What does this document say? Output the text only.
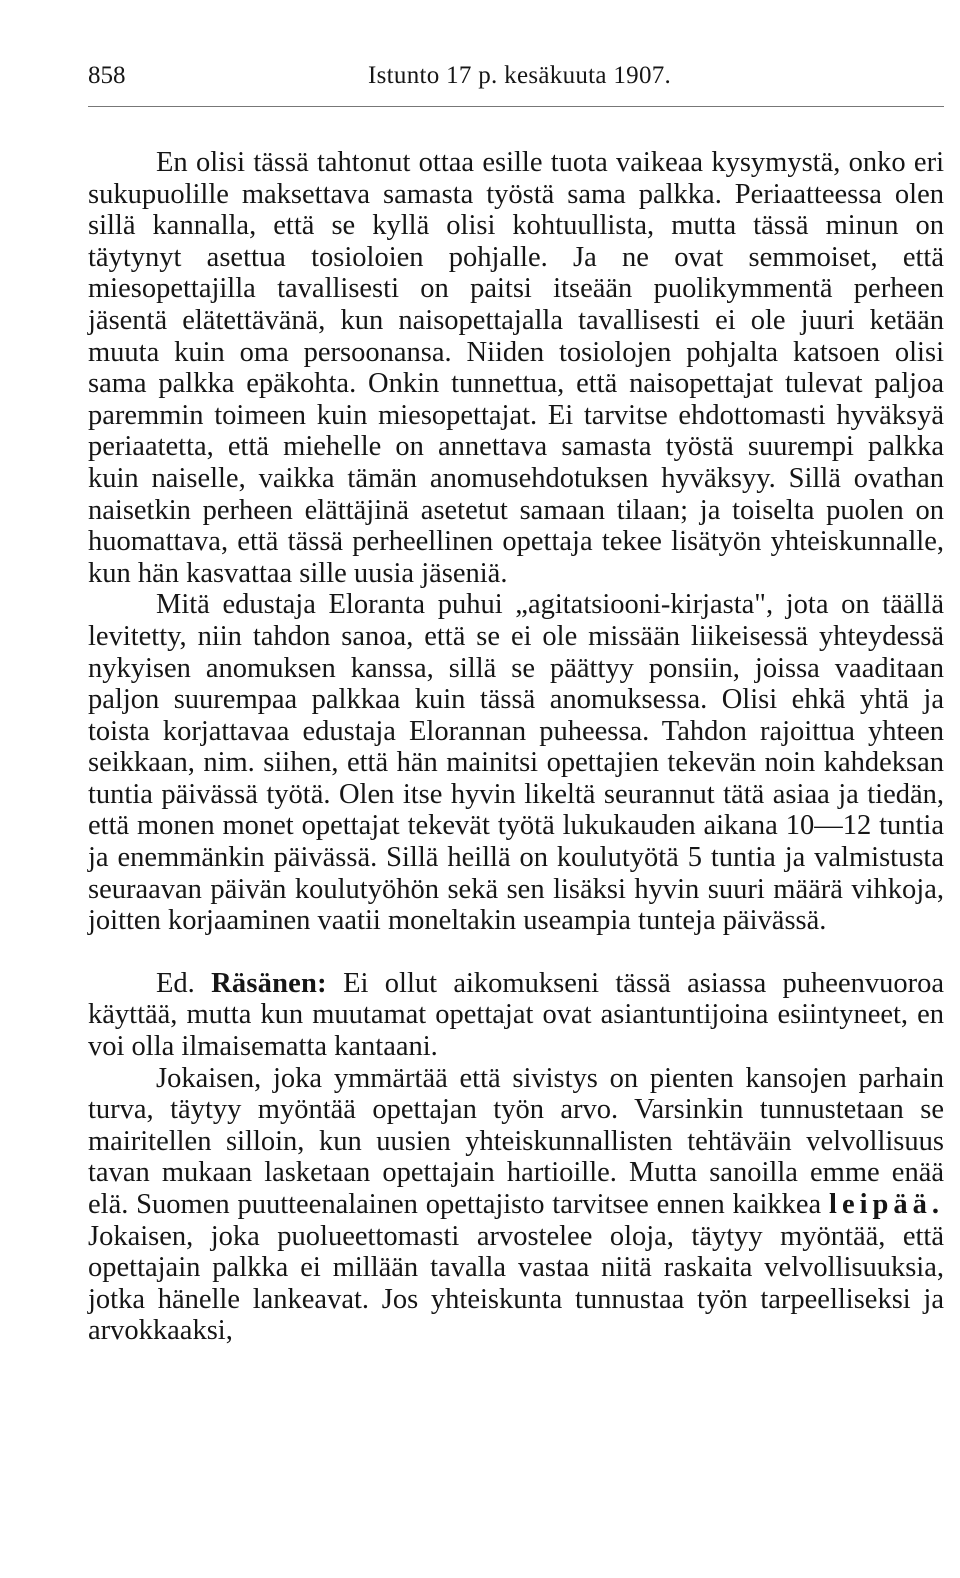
858	Istunto 17 p. kesäkuuta 1907.

En olisi tässä tahtonut ottaa esille tuota vaikeaa kysymystä, onko eri sukupuolille maksettava samasta työstä sama palkka. Periaatteessa olen sillä kannalla, että se kyllä olisi kohtuullista, mutta tässä minun on täytynyt asettua tosioloien pohjalle. Ja ne ovat semmoiset, että miesopettajilla tavallisesti on paitsi itseään puolikymmentä perheen jäsentä elätettävänä, kun naisopettajalla tavallisesti ei ole juuri ketään muuta kuin oma persoonansa. Niiden tosiolojen pohjalta katsoen olisi sama palkka epäkohta. Onkin tunnettua, että naisopettajat tulevat paljoa paremmin toimeen kuin miesopettajat. Ei tarvitse ehdottomasti hyväksyä periaatetta, että miehelle on annettava samasta työstä suurempi palkka kuin naiselle, vaikka tämän anomusehdotuksen hyväksyy. Sillä ovathan naisetkin perheen elättäjinä asetetut samaan tilaan; ja toiselta puolen on huomattava, että tässä perheellinen opettaja tekee lisätyön yhteiskunnalle, kun hän kasvattaa sille uusia jäseniä.

Mitä edustaja Eloranta puhui „agitatsiooni-kirjasta", jota on täällä levitetty, niin tahdon sanoa, että se ei ole missään liikeisessä yhteydessä nykyisen anomuksen kanssa, sillä se päättyy ponsiin, joissa vaaditaan paljon suurempaa palkkaa kuin tässä anomuksessa. Olisi ehkä yhtä ja toista korjattavaa edustaja Elorannan puheessa. Tahdon rajoittua yhteen seikkaan, nim. siihen, että hän mainitsi opettajien tekevän noin kahdeksan tuntia päivässä työtä. Olen itse hyvin likeltä seurannut tätä asiaa ja tiedän, että monen monet opettajat tekevät työtä lukukauden aikana 10—12 tuntia ja enemmänkin päivässä. Sillä heillä on koulutyötä 5 tuntia ja valmistusta seuraavan päivän koulutyöhön sekä sen lisäksi hyvin suuri määrä vihkoja, joitten korjaaminen vaatii moneltakin useampia tunteja päivässä.

Ed. Räsänen: Ei ollut aikomukseni tässä asiassa puheenvuoroa käyttää, mutta kun muutamat opettajat ovat asiantuntijoina esiintyneet, en voi olla ilmaisematta kantaani.

Jokaisen, joka ymmärtää että sivistys on pienten kansojen parhain turva, täytyy myöntää opettajan työn arvo. Varsinkin tunnustetaan se mairitellen silloin, kun uusien yhteiskunnallisten tehtäväin velvollisuus tavan mukaan lasketaan opettajain hartioille. Mutta sanoilla emme enää elä. Suomen puutteenalainen opettajisto tarvitsee ennen kaikkea leipää. Jokaisen, joka puolueettomasti arvostelee oloja, täytyy myöntää, että opettajain palkka ei millään tavalla vastaa niitä raskaita velvollisuuksia, jotka hänelle lankeavat. Jos yhteiskunta tunnustaa työn tarpeelliseksi ja arvokkaaksi,
